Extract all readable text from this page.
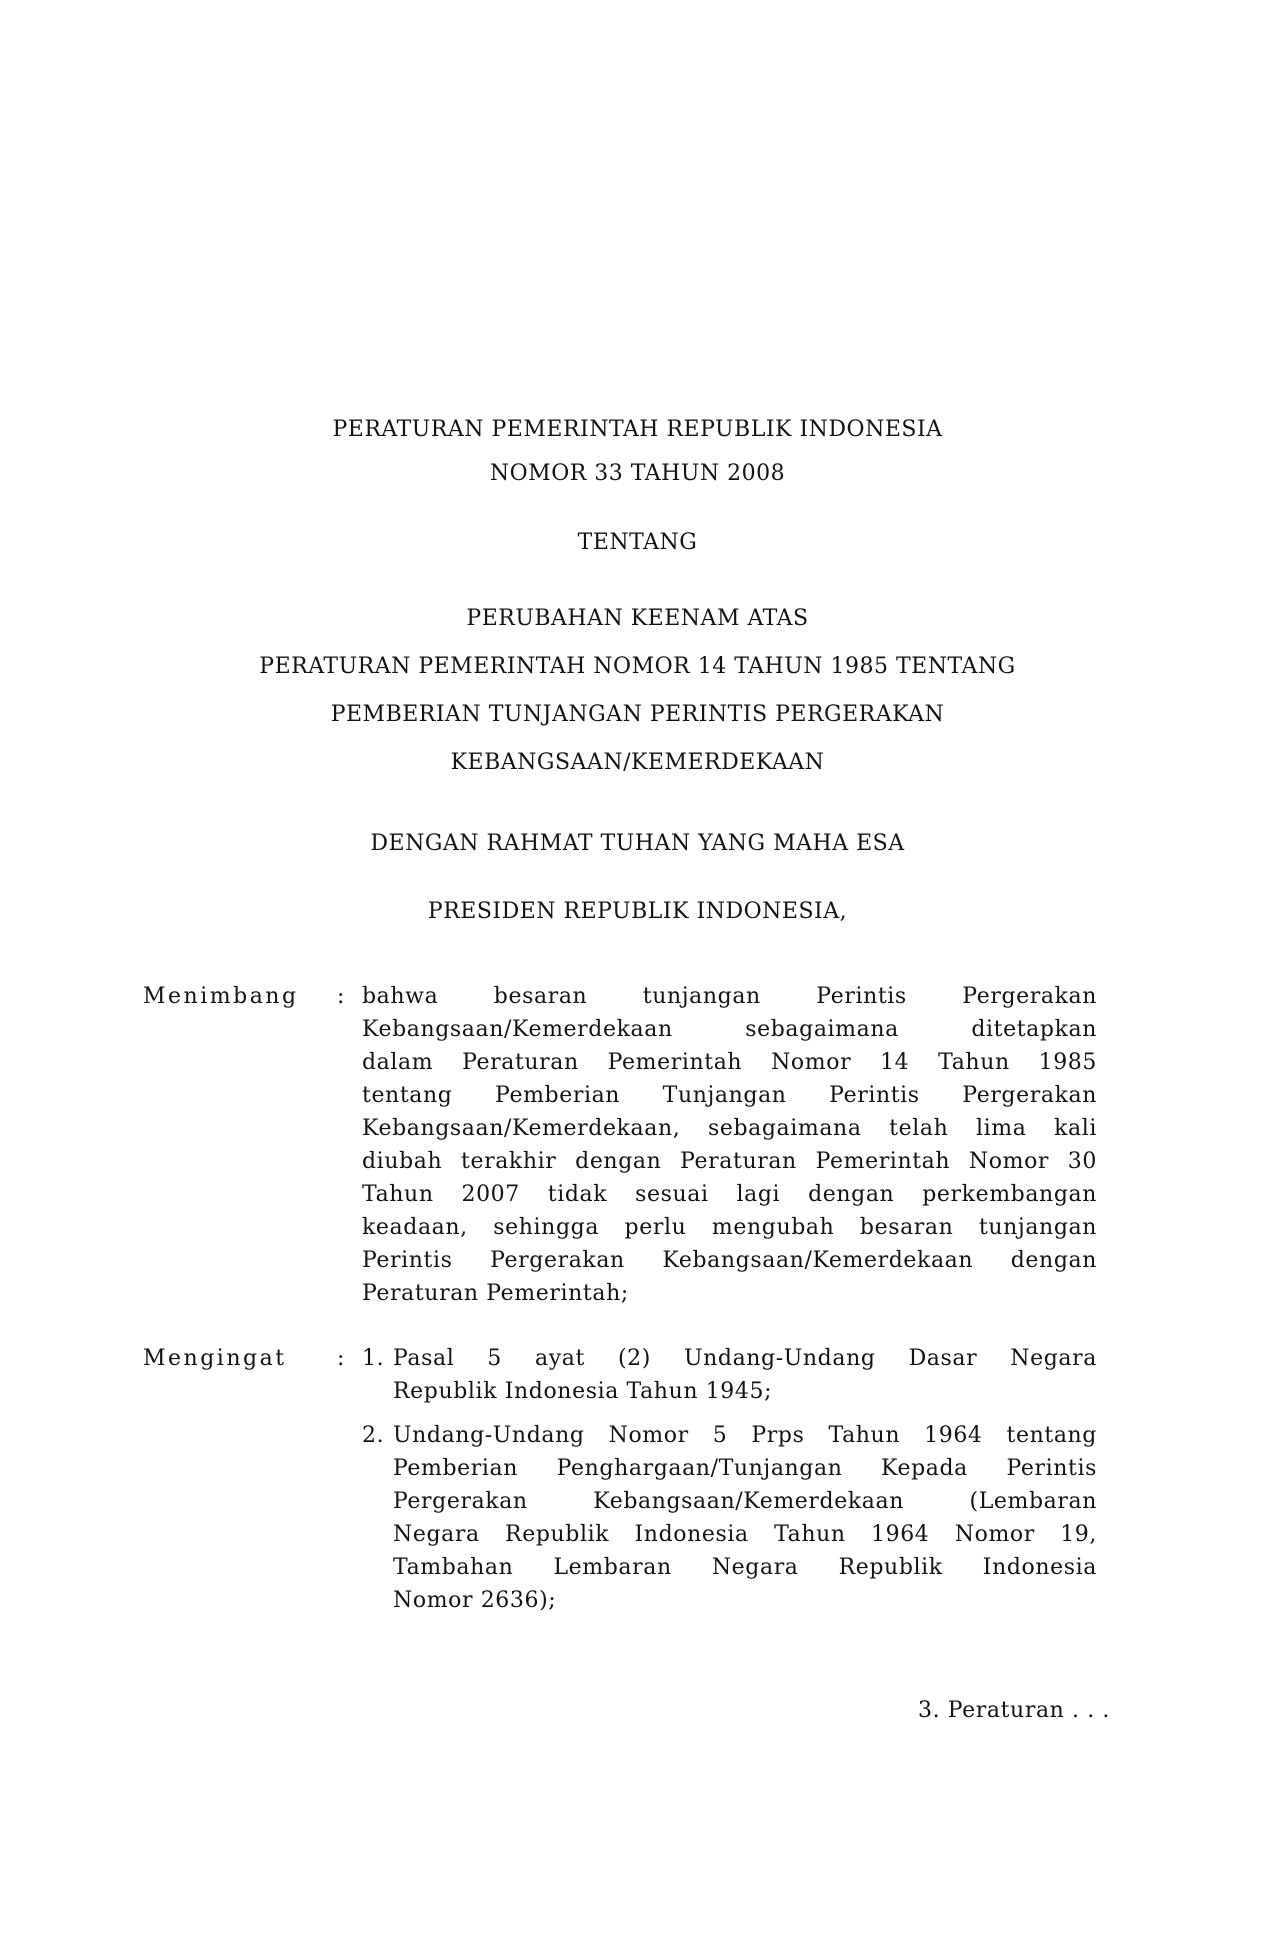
PERATURAN PEMERINTAH REPUBLIK INDONESIA
NOMOR 33 TAHUN 2008
TENTANG
PERUBAHAN KEENAM ATAS
PERATURAN PEMERINTAH NOMOR 14 TAHUN 1985 TENTANG
PEMBERIAN TUNJANGAN PERINTIS PERGERAKAN
KEBANGSAAN/KEMERDEKAAN
DENGAN RAHMAT TUHAN YANG MAHA ESA
PRESIDEN REPUBLIK INDONESIA,
Menimbang	: bahwa besaran tunjangan Perintis Pergerakan
Kebangsaan/Kemerdekaan sebagaimana ditetapkan
dalam Peraturan Pemerintah Nomor 14 Tahun 1985
tentang Pemberian Tunjangan Perintis Pergerakan
Kebangsaan/Kemerdekaan, sebagaimana telah lima kali
diubah terakhir dengan Peraturan Pemerintah Nomor 30
Tahun 2007 tidak sesuai lagi dengan perkembangan
keadaan, sehingga perlu mengubah besaran tunjangan
Perintis Pergerakan Kebangsaan/Kemerdekaan dengan
Peraturan Pemerintah;
Mengingat	: 1. Pasal 5 ayat (2) Undang-Undang Dasar Negara
Republik Indonesia Tahun 1945;
2. Undang-Undang Nomor 5 Prps Tahun 1964 tentang
Pemberian Penghargaan/Tunjangan Kepada Perintis
Pergerakan Kebangsaan/Kemerdekaan (Lembaran
Negara Republik Indonesia Tahun 1964 Nomor 19,
Tambahan Lembaran Negara Republik Indonesia
Nomor 2636);
3. Peraturan . . .
